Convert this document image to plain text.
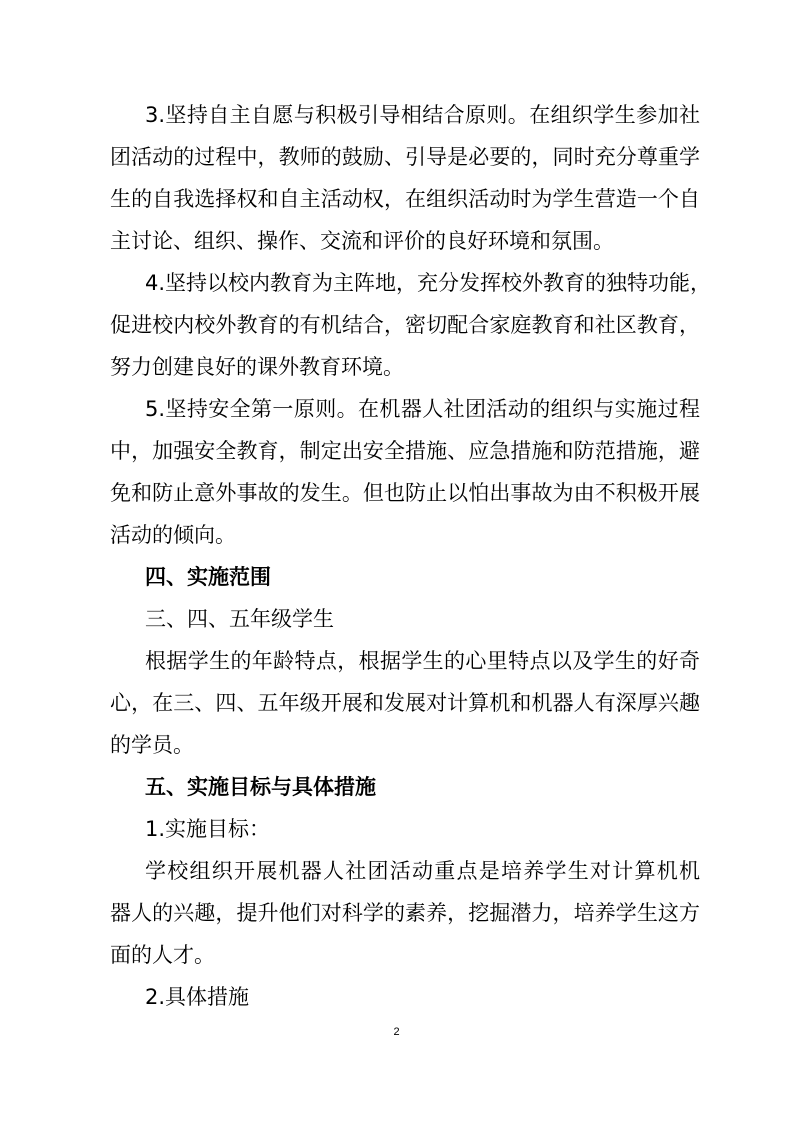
3.坚持自主自愿与积极引导相结合原则。在组织学生参加社
团活动的过程中，教师的鼓励、引导是必要的，同时充分尊重学
生的自我选择权和自主活动权，在组织活动时为学生营造一个自
主讨论、组织、操作、交流和评价的良好环境和氛围。
4.坚持以校内教育为主阵地，充分发挥校外教育的独特功能，
促进校内校外教育的有机结合，密切配合家庭教育和社区教育，
努力创建良好的课外教育环境。
5.坚持安全第一原则。在机器人社团活动的组织与实施过程
中，加强安全教育，制定出安全措施、应急措施和防范措施，避
免和防止意外事故的发生。但也防止以怕出事故为由不积极开展
活动的倾向。
四、实施范围
三、四、五年级学生
根据学生的年龄特点，根据学生的心里特点以及学生的好奇
心，在三、四、五年级开展和发展对计算机和机器人有深厚兴趣
的学员。
五、实施目标与具体措施
1.实施目标：
学校组织开展机器人社团活动重点是培养学生对计算机机
器人的兴趣，提升他们对科学的素养，挖掘潜力，培养学生这方
面的人才。
2.具体措施
2
